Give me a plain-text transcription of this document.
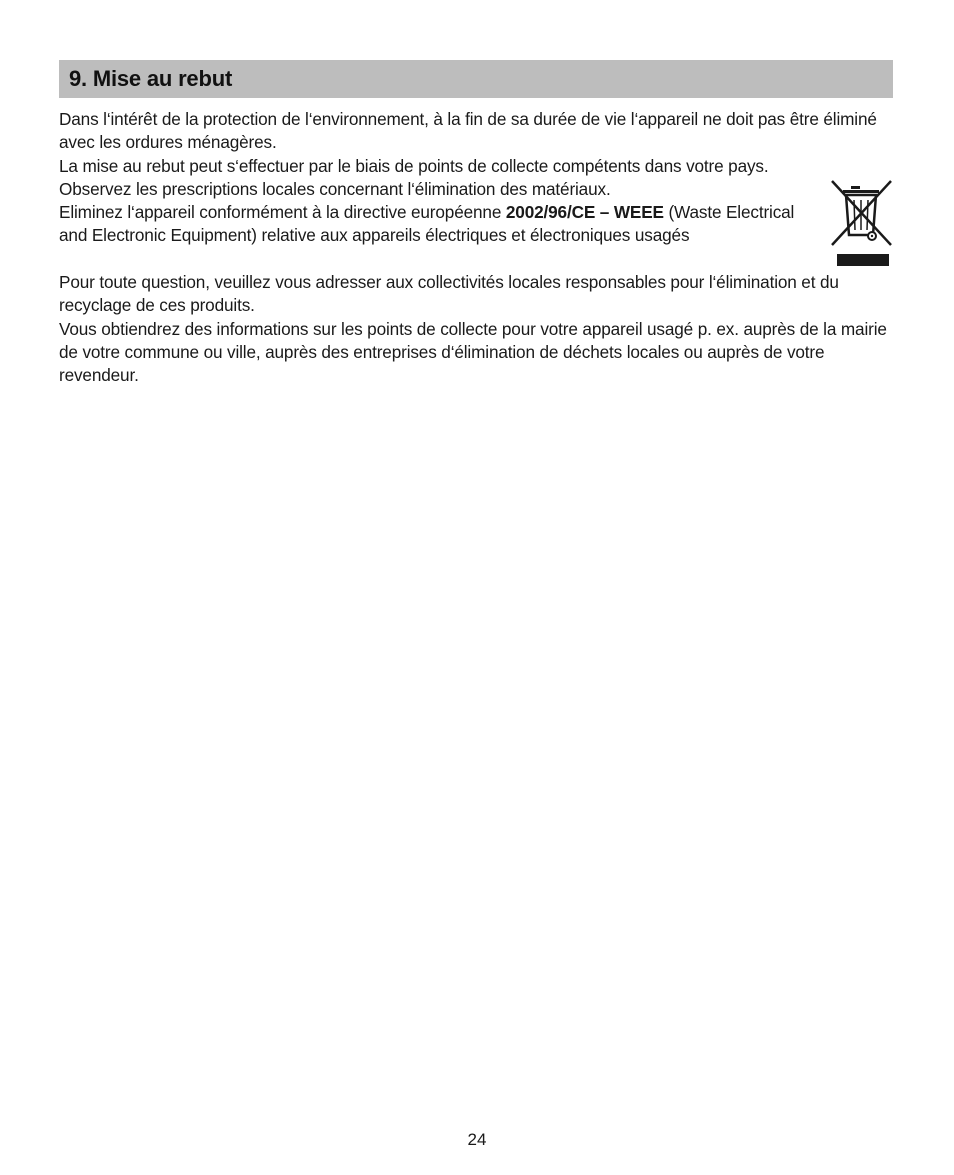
9. Mise au rebut

Dans l‘intérêt de la protection de l‘environnement, à la fin de sa durée de vie l‘appareil ne doit pas être éliminé avec les ordures ménagères.

La mise au rebut peut s‘effectuer par le biais de points de collecte compétents dans votre pays.

Observez les prescriptions locales concernant l‘élimination des matériaux.

Eliminez l‘appareil conformément à la directive européenne 2002/96/CE – WEEE (Waste Electrical and Electronic Equipment) relative aux appareils électriques et électroniques usagés

Pour toute question, veuillez vous adresser aux collectivités locales responsables pour l‘élimination et du recyclage de ces produits.

Vous obtiendrez des informations sur les points de collecte pour votre appareil usagé p. ex. auprès de la mairie de votre commune ou ville, auprès des entreprises d‘élimination de déchets locales ou auprès de votre revendeur.

24
